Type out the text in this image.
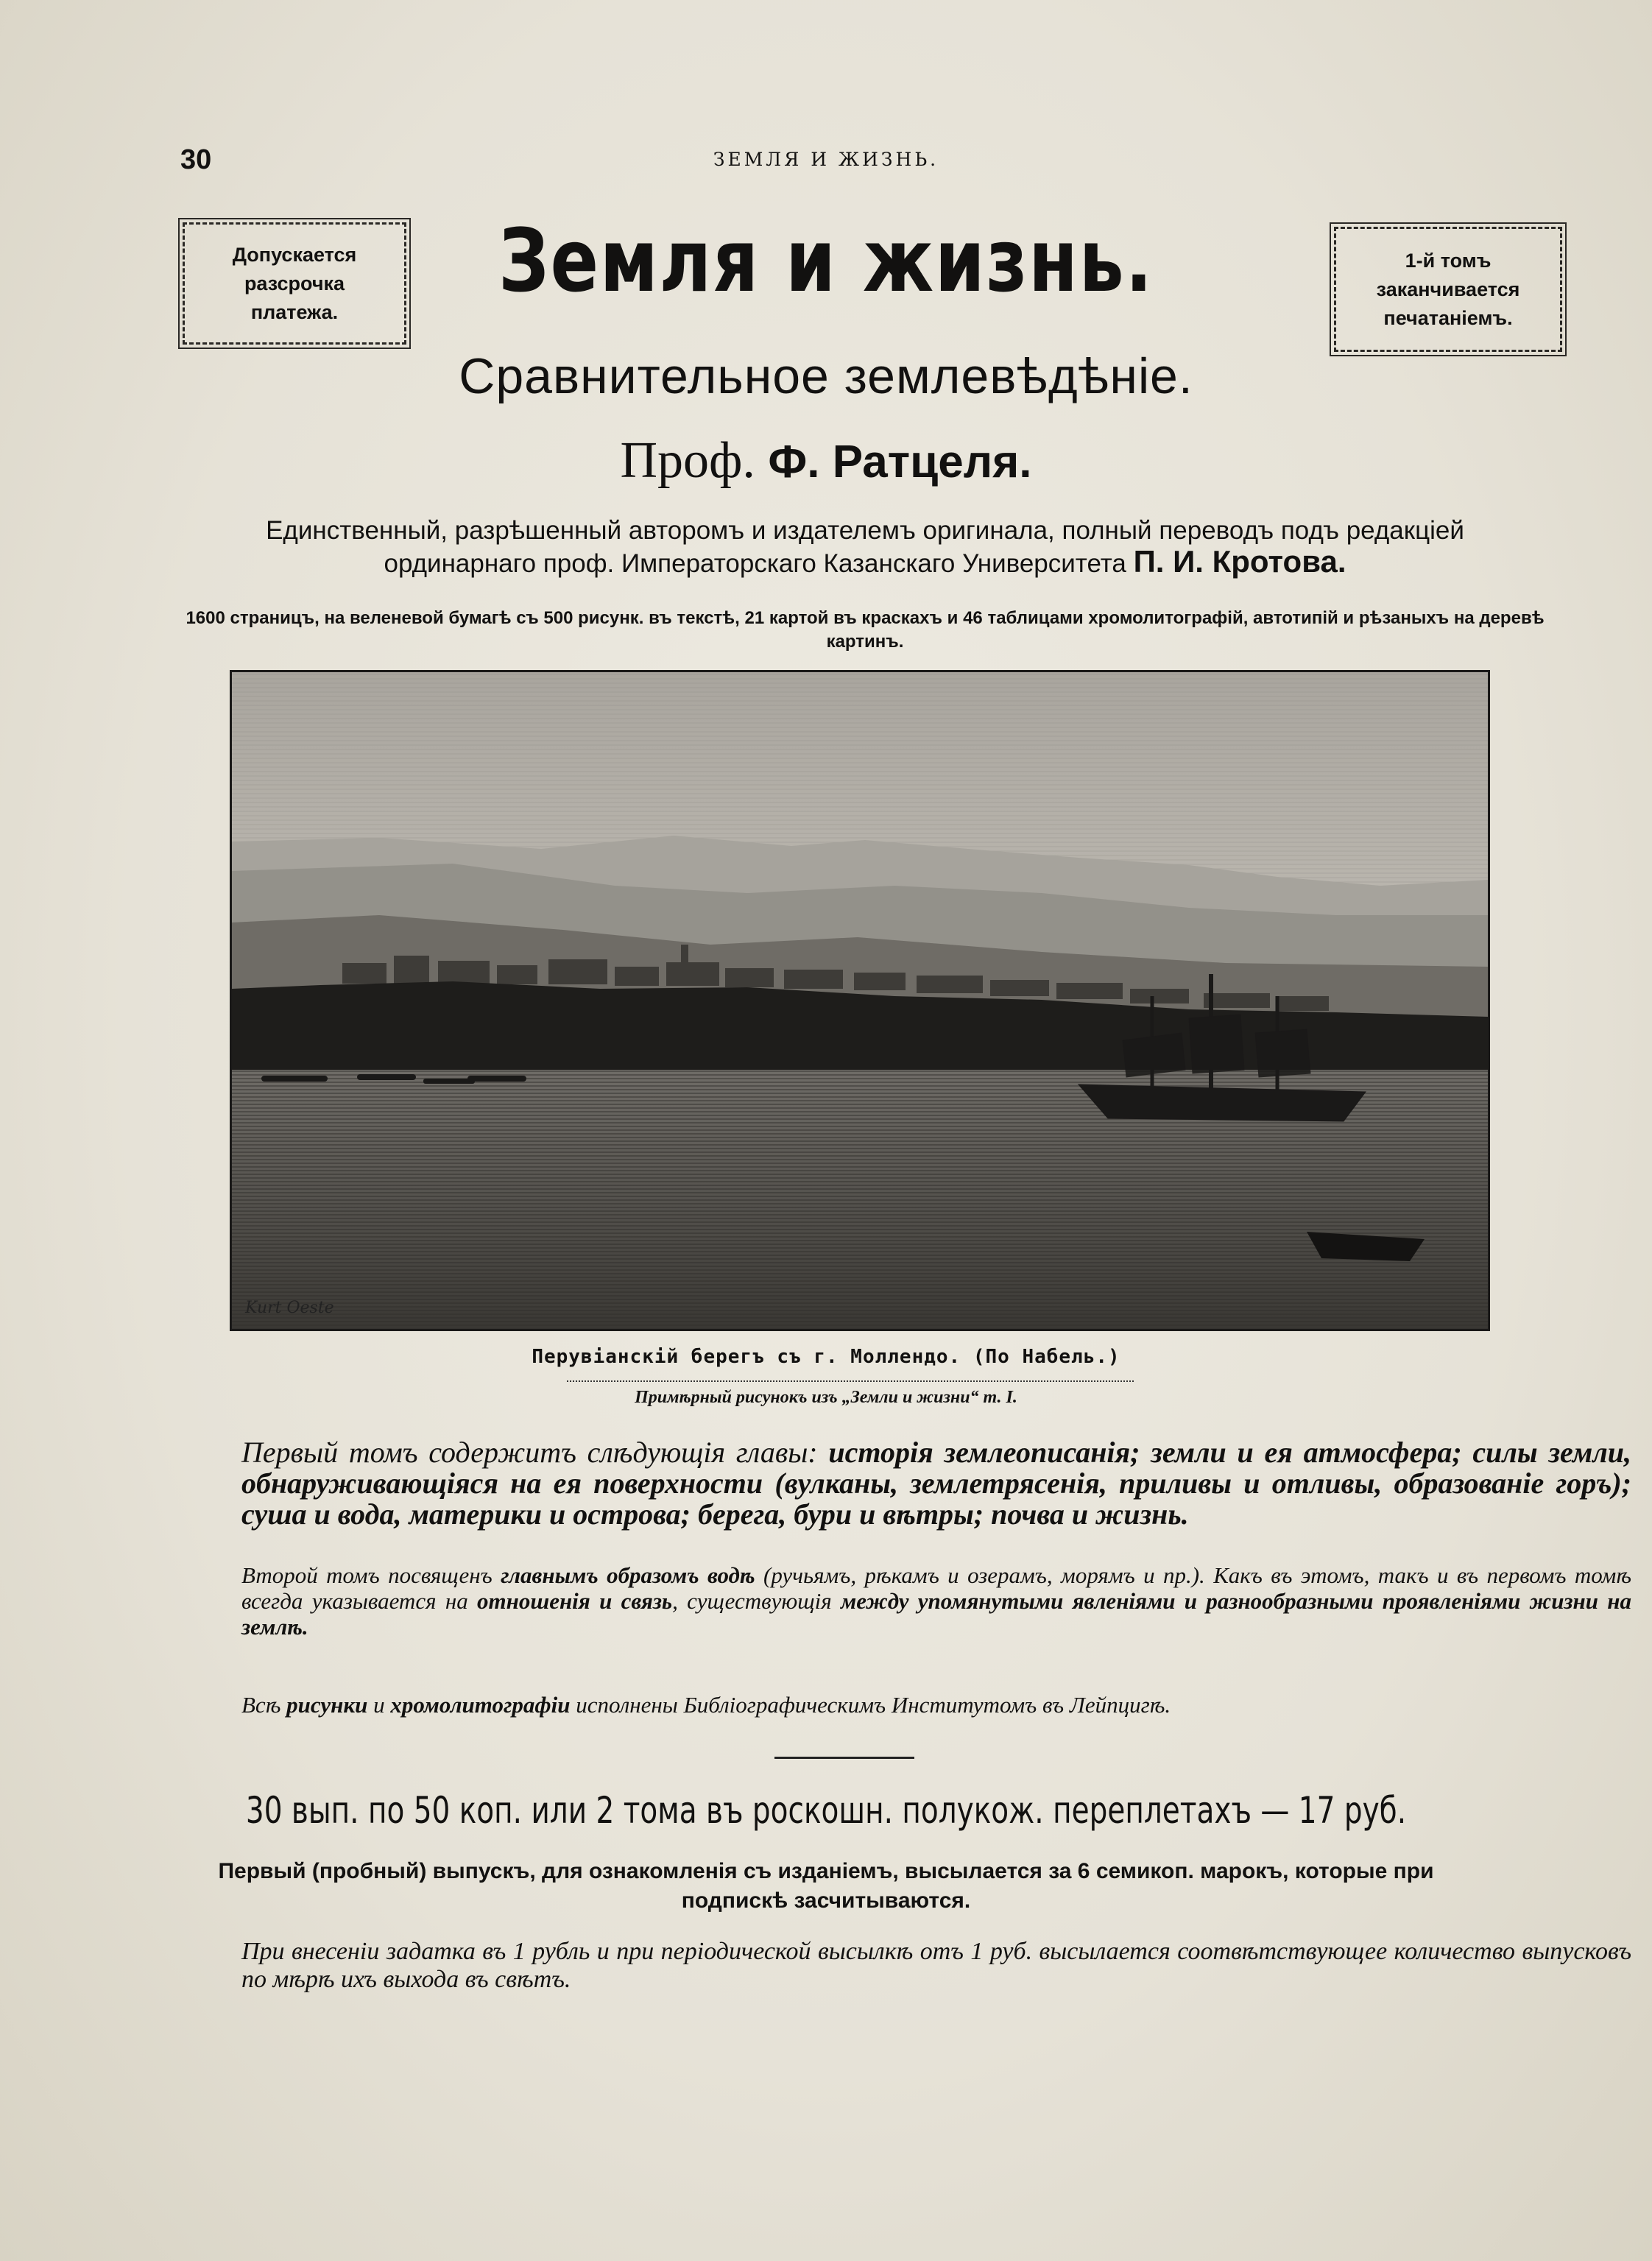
30	ЗЕМЛЯ И ЖИЗНЬ.
Допускается
разсрочка
платежа.
1-й томъ
заканчивается
печатаніемъ.
Земля и жизнь.
Сравнительное землевѣдѣніе.
Проф. Ф. Ратцеля.
Единственный, разрѣшенный авторомъ и издателемъ оригинала, полный переводъ подъ редакціей ординарнаго проф. Императорскаго Казанскаго Университета П. И. Кротова.
1600 страницъ, на веленевой бумагѣ съ 500 рисунк. въ текстѣ, 21 картой въ краскахъ и 46 таблицами хромолитографій, автотипій и рѣзаныхъ на деревѣ картинъ.
Kurt Oeste
Перувіанскій берегъ съ г. Моллендо. (По Набель.)
Примѣрный рисунокъ изъ „Земли и жизни“ т. I.
Первый томъ содержитъ слѣдующія главы: исторія землеописанія; земли и ея атмосфера; силы земли, обнаруживающіяся на ея поверхности (вулканы, землетрясенія, приливы и отливы, образованіе горъ); суша и вода, материки и острова; берега, бури и вѣтры; почва и жизнь.
Второй томъ посвященъ главнымъ образомъ водѣ (ручьямъ, рѣкамъ и озерамъ, морямъ и пр.). Какъ въ этомъ, такъ и въ первомъ томѣ всегда указывается на отношенія и связь, существующія между упомянутыми явленіями и разнообразными проявленіями жизни на землѣ.
Всѣ рисунки и хромолитографіи исполнены Библіографическимъ Институтомъ въ Лейпцигѣ.
30 вып. по 50 коп. или 2 тома въ роскошн. полукож. переплетахъ — 17 руб.
Первый (пробный) выпускъ, для ознакомленія съ изданіемъ, высылается за 6 семикоп. марокъ, которые при подпискѣ засчитываются.
При внесеніи задатка въ 1 рубль и при періодической высылкѣ отъ 1 руб. высылается соотвѣтствующее количество выпусковъ по мѣрѣ ихъ выхода въ свѣтъ.
